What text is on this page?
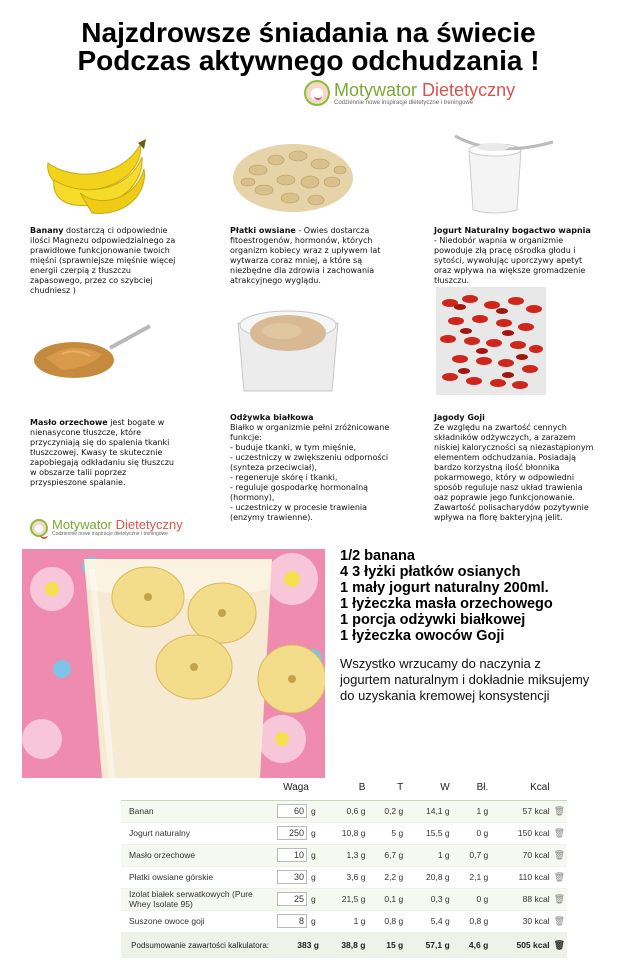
Najzdrowsze śniadania na świecie
Podczas aktywnego odchudzania !
Motywator Dietetyczny
Codziennie nowe inspiracje dietetyczne i treningowe
Banany dostarczą ci odpowiednie ilości Magnezu odpowiedzialnego za prawidłowe funkcjonowanie twoich mięśni (sprawniejsze mięśnie więcej energii czerpią z tłuszczu zapasowego, przez co szybciej chudniesz )
Płatki owsiane - Owies dostarcza fitoestrogenów, hormonów, których organizm kobiecy wraz z upływem lat wytwarza coraz mniej, a które są niezbędne dla zdrowia i zachowania atrakcyjnego wyglądu.
Jogurt Naturalny bogactwo wapnia - Niedobór wapnia w organizmie powoduje złą pracę ośrodka głodu i sytości, wywołując uporczywy apetyt oraz wpływa na większe gromadzenie tłuszczu.
Masło orzechowe jest bogate w nienasycone tłuszcze, które przyczyniają się do spalenia tkanki tłuszczowej. Kwasy te skutecznie zapobiegają odkładaniu się tłuszczu w obszarze talii poprzez przyspieszone spalanie.
Odżywka białkowa
Białko w organizmie pełni zróżnicowane funkcje:
- buduje tkanki, w tym mięśnie,
- uczestniczy w zwiększeniu odporności (synteza przeciwciał),
- regeneruje skórę i tkanki,
- reguluje gospodarkę hormonalną (hormony),
- uczestniczy w procesie trawienia (enzymy trawienne).
Jagody Goji
Ze względu na zwartość cennych składników odżywczych, a zarazem niskiej kaloryczności są niezastąpionym elementem odchudzania. Posiadają bardzo korzystną ilość błonnika pokarmowego, który w odpowiedni sposób reguluje nasz układ trawienia oaz poprawie jego funkcjonowanie. Zawartość polisacharydów pozytywnie wpływa na florę bakteryjną jelit.
Motywator Dietetyczny
Codziennie nowe inspiracje dietetyczne i treningowe
1/2 banana
4 3 łyżki płatków osianych
1 mały jogurt naturalny 200ml.
1 łyżeczka masła orzechowego
1 porcja odżywki białkowej
1 łyżeczka owoców Goji
Wszystko wrzucamy do naczynia z jogurtem naturalnym i dokładnie miksujemy do uzyskania kremowej konsystencji
	Waga		B	T	W	Bł.	Kcal	
Banan	60	g	0,6 g	0,2 g	14,1 g	1 g	57 kcal	🗑
Jogurt naturalny	250	g	10,8 g	5 g	15,5 g	0 g	150 kcal	🗑
Masło orzechowe	10	g	1,3 g	6,7 g	1 g	0,7 g	70 kcal	🗑
Płatki owsiane górskie	30	g	3,6 g	2,2 g	20,8 g	2,1 g	110 kcal	🗑
Izolat białek serwatkowych (Pure Whey Isolate 95)	25	g	21,5 g	0,1 g	0,3 g	0 g	88 kcal	🗑
Suszone owoce goji	8	g	1 g	0,8 g	5,4 g	0,8 g	30 kcal	🗑
Podsumowanie zawartości kalkulatora:	383 g		38,8 g	15 g	57,1 g	4,6 g	505 kcal	🗑
